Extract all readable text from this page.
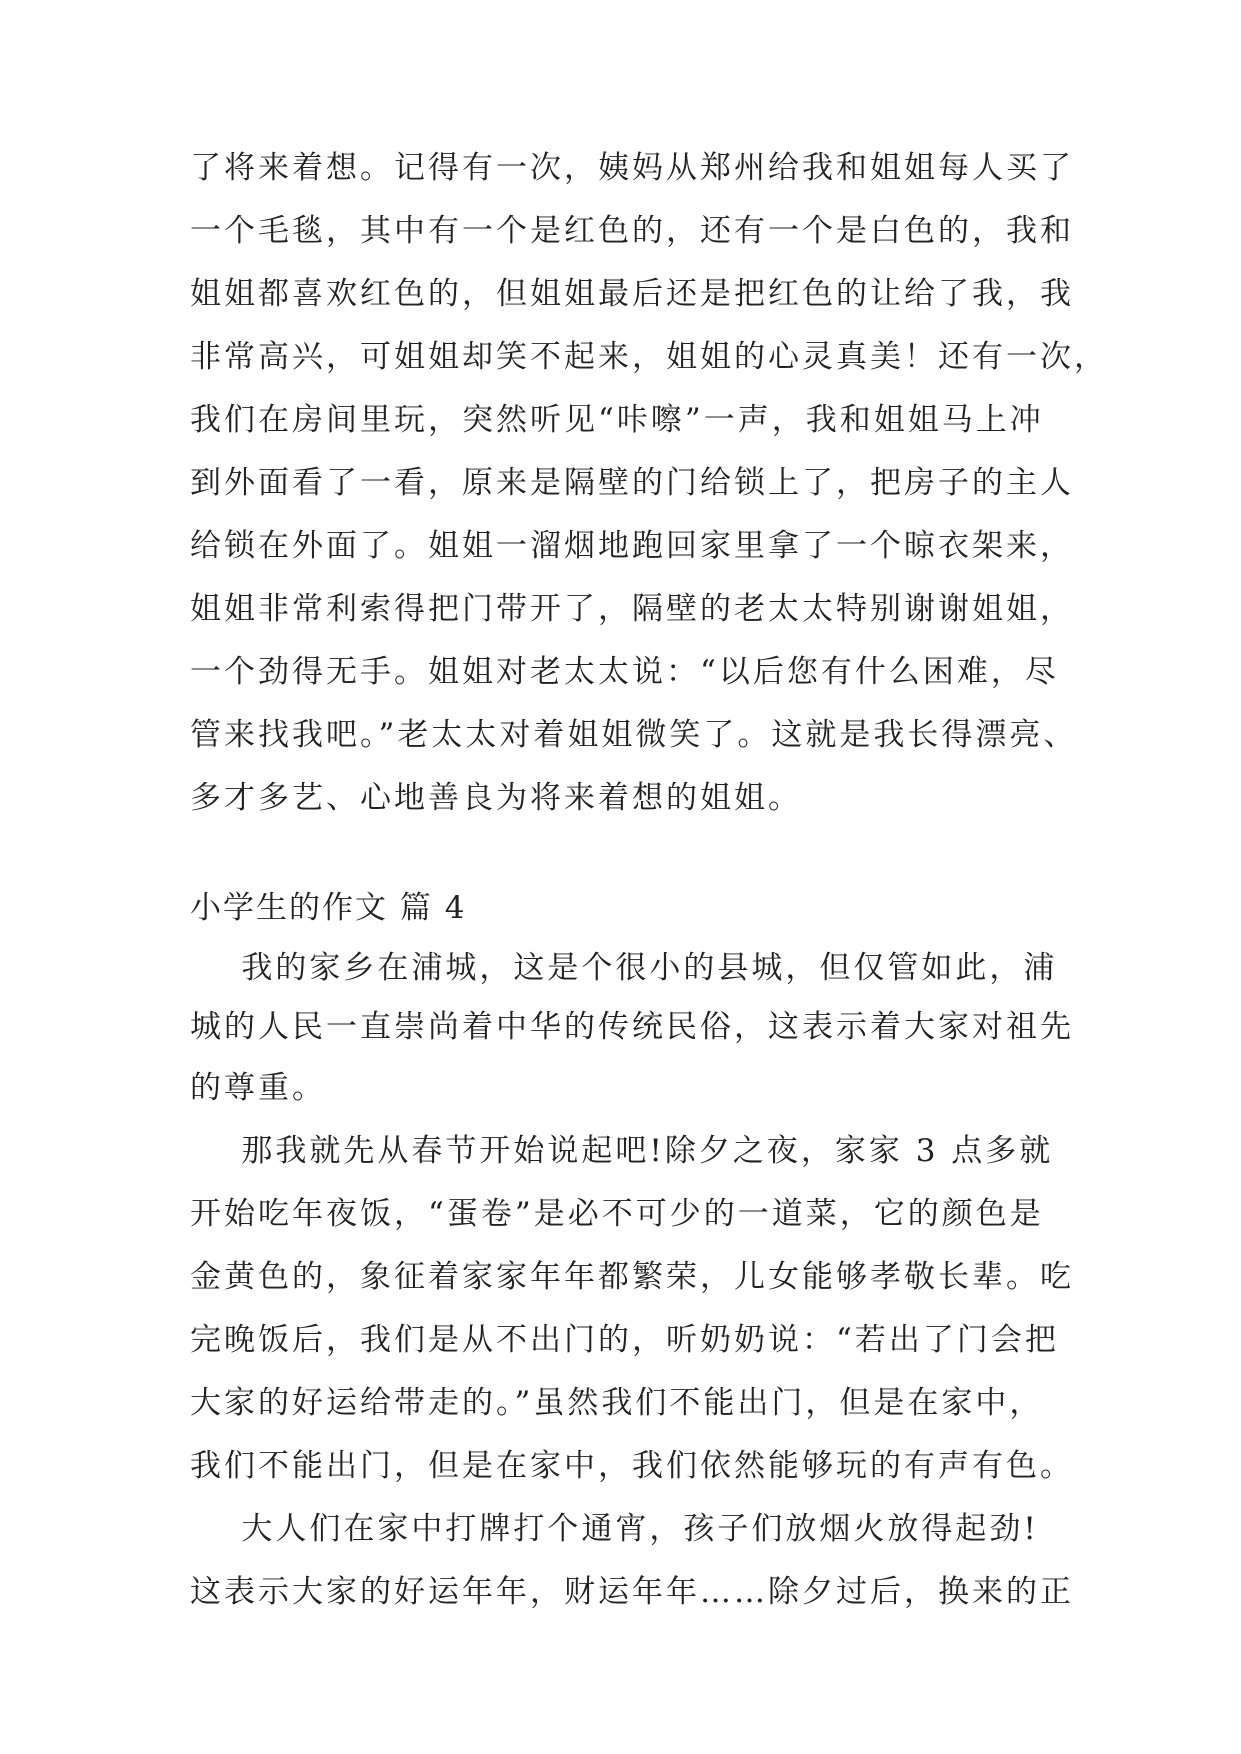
了将来着想。记得有一次，姨妈从郑州给我和姐姐每人买了
一个毛毯，其中有一个是红色的，还有一个是白色的，我和
姐姐都喜欢红色的，但姐姐最后还是把红色的让给了我，我
非常高兴，可姐姐却笑不起来，姐姐的心灵真美！还有一次，
我们在房间里玩，突然听见“咔嚓”一声，我和姐姐马上冲
到外面看了一看，原来是隔壁的门给锁上了，把房子的主人
给锁在外面了。姐姐一溜烟地跑回家里拿了一个晾衣架来，
姐姐非常利索得把门带开了，隔壁的老太太特别谢谢姐姐，
一个劲得无手。姐姐对老太太说：“以后您有什么困难，尽
管来找我吧。”老太太对着姐姐微笑了。这就是我长得漂亮、
多才多艺、心地善良为将来着想的姐姐。
小学生的作文 篇 4
我的家乡在浦城，这是个很小的县城，但仅管如此，浦
城的人民一直崇尚着中华的传统民俗，这表示着大家对祖先
的尊重。
那我就先从春节开始说起吧!除夕之夜，家家 3 点多就
开始吃年夜饭，“蛋卷”是必不可少的一道菜，它的颜色是
金黄色的，象征着家家年年都繁荣，儿女能够孝敬长辈。吃
完晚饭后，我们是从不出门的，听奶奶说：“若出了门会把
大家的好运给带走的。”虽然我们不能出门，但是在家中，
我们不能出门，但是在家中，我们依然能够玩的有声有色。
大人们在家中打牌打个通宵，孩子们放烟火放得起劲!
这表示大家的好运年年，财运年年……除夕过后，换来的正
